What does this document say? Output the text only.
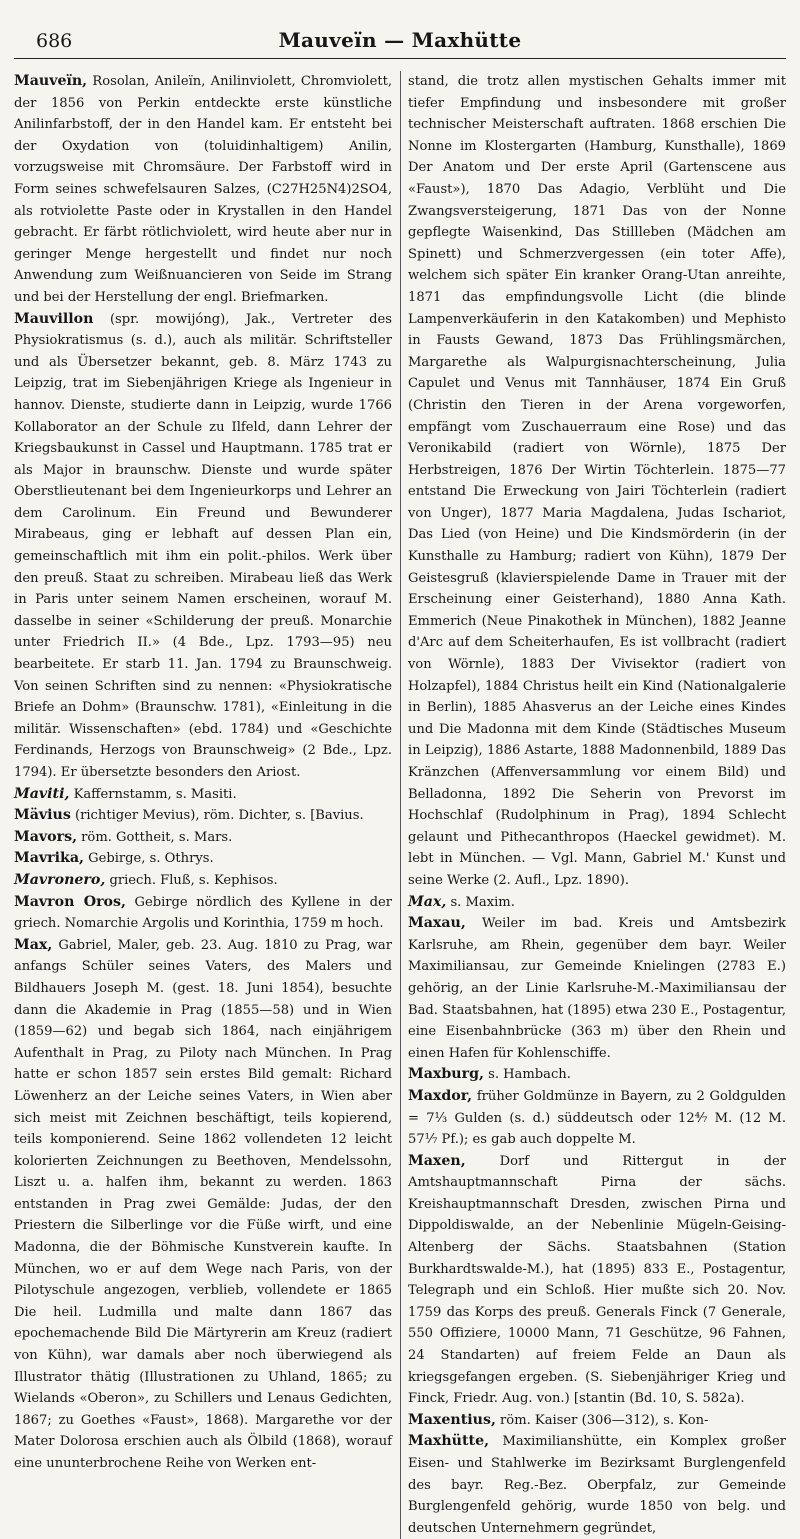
686	Mauveïn — Maxhütte

Mauveïn, Rosolan, Anileïn, Anilinviolett, Chromviolett, der 1856 von Perkin entdeckte erste künstliche Anilinfarbstoff, der in den Handel kam. Er entsteht bei der Oxydation von (toluidinhaltigem) Anilin, vorzugsweise mit Chromsäure. Der Farbstoff wird in Form seines schwefelsauren Salzes, (C27H25N4)2SO4, als rotviolette Paste oder in Krystallen in den Handel gebracht. Er färbt rötlichviolett, wird heute aber nur in geringer Menge hergestellt und findet nur noch Anwendung zum Weißnuancieren von Seide im Strang und bei der Herstellung der engl. Briefmarken.

Mauvillon (spr. mowijóng), Jak., Vertreter des Physiokratismus (s. d.), auch als militär. Schriftsteller und als Übersetzer bekannt, geb. 8. März 1743 zu Leipzig, trat im Siebenjährigen Kriege als Ingenieur in hannov. Dienste, studierte dann in Leipzig, wurde 1766 Kollaborator an der Schule zu Ilfeld, dann Lehrer der Kriegsbaukunst in Cassel und Hauptmann. 1785 trat er als Major in braunschw. Dienste und wurde später Oberstlieutenant bei dem Ingenieurkorps und Lehrer an dem Carolinum. Ein Freund und Bewunderer Mirabeaus, ging er lebhaft auf dessen Plan ein, gemeinschaftlich mit ihm ein polit.-philos. Werk über den preuß. Staat zu schreiben. Mirabeau ließ das Werk in Paris unter seinem Namen erscheinen, worauf M. dasselbe in seiner «Schilderung der preuß. Monarchie unter Friedrich II.» (4 Bde., Lpz. 1793—95) neu bearbeitete. Er starb 11. Jan. 1794 zu Braunschweig. Von seinen Schriften sind zu nennen: «Physiokratische Briefe an Dohm» (Braunschw. 1781), «Einleitung in die militär. Wissenschaften» (ebd. 1784) und «Geschichte Ferdinands, Herzogs von Braunschweig» (2 Bde., Lpz. 1794). Er übersetzte besonders den Ariost.

Maviti, Kaffernstamm, s. Masiti.

Mävius (richtiger Mevius), röm. Dichter, s. [Bavius.

Mavors, röm. Gottheit, s. Mars.

Mavrika, Gebirge, s. Othrys.

Mavronero, griech. Fluß, s. Kephisos.

Mavron Oros, Gebirge nördlich des Kyllene in der griech. Nomarchie Argolis und Korinthia, 1759 m hoch.

Max, Gabriel, Maler, geb. 23. Aug. 1810 zu Prag, war anfangs Schüler seines Vaters, des Malers und Bildhauers Joseph M. (gest. 18. Juni 1854), besuchte dann die Akademie in Prag (1855—58) und in Wien (1859—62) und begab sich 1864, nach einjährigem Aufenthalt in Prag, zu Piloty nach München. In Prag hatte er schon 1857 sein erstes Bild gemalt: Richard Löwenherz an der Leiche seines Vaters, in Wien aber sich meist mit Zeichnen beschäftigt, teils kopierend, teils komponierend. Seine 1862 vollendeten 12 leicht kolorierten Zeichnungen zu Beethoven, Mendelssohn, Liszt u. a. halfen ihm, bekannt zu werden. 1863 entstanden in Prag zwei Gemälde: Judas, der den Priestern die Silberlinge vor die Füße wirft, und eine Madonna, die der Böhmische Kunstverein kaufte. In München, wo er auf dem Wege nach Paris, von der Pilotyschule angezogen, verblieb, vollendete er 1865 Die heil. Ludmilla und malte dann 1867 das epochemachende Bild Die Märtyrerin am Kreuz (radiert von Kühn), war damals aber noch überwiegend als Illustrator thätig (Illustrationen zu Uhland, 1865; zu Wielands «Oberon», zu Schillers und Lenaus Gedichten, 1867; zu Goethes «Faust», 1868). Margarethe vor der Mater Dolorosa erschien auch als Ölbild (1868), worauf eine ununterbrochene Reihe von Werken ent-

stand, die trotz allen mystischen Gehalts immer mit tiefer Empfindung und insbesondere mit großer technischer Meisterschaft auftraten. 1868 erschien Die Nonne im Klostergarten (Hamburg, Kunsthalle), 1869 Der Anatom und Der erste April (Gartenscene aus «Faust»), 1870 Das Adagio, Verblüht und Die Zwangsversteigerung, 1871 Das von der Nonne gepflegte Waisenkind, Das Stillleben (Mädchen am Spinett) und Schmerzvergessen (ein toter Affe), welchem sich später Ein kranker Orang-Utan anreihte, 1871 das empfindungsvolle Licht (die blinde Lampenverkäuferin in den Katakomben) und Mephisto in Fausts Gewand, 1873 Das Frühlingsmärchen, Margarethe als Walpurgisnachterscheinung, Julia Capulet und Venus mit Tannhäuser, 1874 Ein Gruß (Christin den Tieren in der Arena vorgeworfen, empfängt vom Zuschauerraum eine Rose) und das Veronikabild (radiert von Wörnle), 1875 Der Herbstreigen, 1876 Der Wirtin Töchterlein. 1875—77 entstand Die Erweckung von Jairi Töchterlein (radiert von Unger), 1877 Maria Magdalena, Judas Ischariot, Das Lied (von Heine) und Die Kindsmörderin (in der Kunsthalle zu Hamburg; radiert von Kühn), 1879 Der Geistesgruß (klavierspielende Dame in Trauer mit der Erscheinung einer Geisterhand), 1880 Anna Kath. Emmerich (Neue Pinakothek in München), 1882 Jeanne d'Arc auf dem Scheiterhaufen, Es ist vollbracht (radiert von Wörnle), 1883 Der Vivisektor (radiert von Holzapfel), 1884 Christus heilt ein Kind (Nationalgalerie in Berlin), 1885 Ahasverus an der Leiche eines Kindes und Die Madonna mit dem Kinde (Städtisches Museum in Leipzig), 1886 Astarte, 1888 Madonnenbild, 1889 Das Kränzchen (Affenversammlung vor einem Bild) und Belladonna, 1892 Die Seherin von Prevorst im Hochschlaf (Rudolphinum in Prag), 1894 Schlecht gelaunt und Pithecanthropos (Haeckel gewidmet). M. lebt in München. — Vgl. Mann, Gabriel M.' Kunst und seine Werke (2. Aufl., Lpz. 1890).

Max, s. Maxim.

Maxau, Weiler im bad. Kreis und Amtsbezirk Karlsruhe, am Rhein, gegenüber dem bayr. Weiler Maximiliansau, zur Gemeinde Knielingen (2783 E.) gehörig, an der Linie Karlsruhe-M.-Maximiliansau der Bad. Staatsbahnen, hat (1895) etwa 230 E., Postagentur, eine Eisenbahnbrücke (363 m) über den Rhein und einen Hafen für Kohlenschiffe.

Maxburg, s. Hambach.

Maxdor, früher Goldmünze in Bayern, zu 2 Goldgulden = 7⅓ Gulden (s. d.) süddeutsch oder 12⁴⁄₇ M. (12 M. 57¹⁄₇ Pf.); es gab auch doppelte M.

Maxen, Dorf und Rittergut in der Amtshauptmannschaft Pirna der sächs. Kreishauptmannschaft Dresden, zwischen Pirna und Dippoldiswalde, an der Nebenlinie Mügeln-Geising-Altenberg der Sächs. Staatsbahnen (Station Burkhardtswalde-M.), hat (1895) 833 E., Postagentur, Telegraph und ein Schloß. Hier mußte sich 20. Nov. 1759 das Korps des preuß. Generals Finck (7 Generale, 550 Offiziere, 10000 Mann, 71 Geschütze, 96 Fahnen, 24 Standarten) auf freiem Felde an Daun als kriegsgefangen ergeben. (S. Siebenjähriger Krieg und Finck, Friedr. Aug. von.) [stantin (Bd. 10, S. 582a).

Maxentius, röm. Kaiser (306—312), s. Kon-

Maxhütte, Maximilianshütte, ein Komplex großer Eisen- und Stahlwerke im Bezirksamt Burglengenfeld des bayr. Reg.-Bez. Oberpfalz, zur Gemeinde Burglengenfeld gehörig, wurde 1850 von belg. und deutschen Unternehmern gegründet,
